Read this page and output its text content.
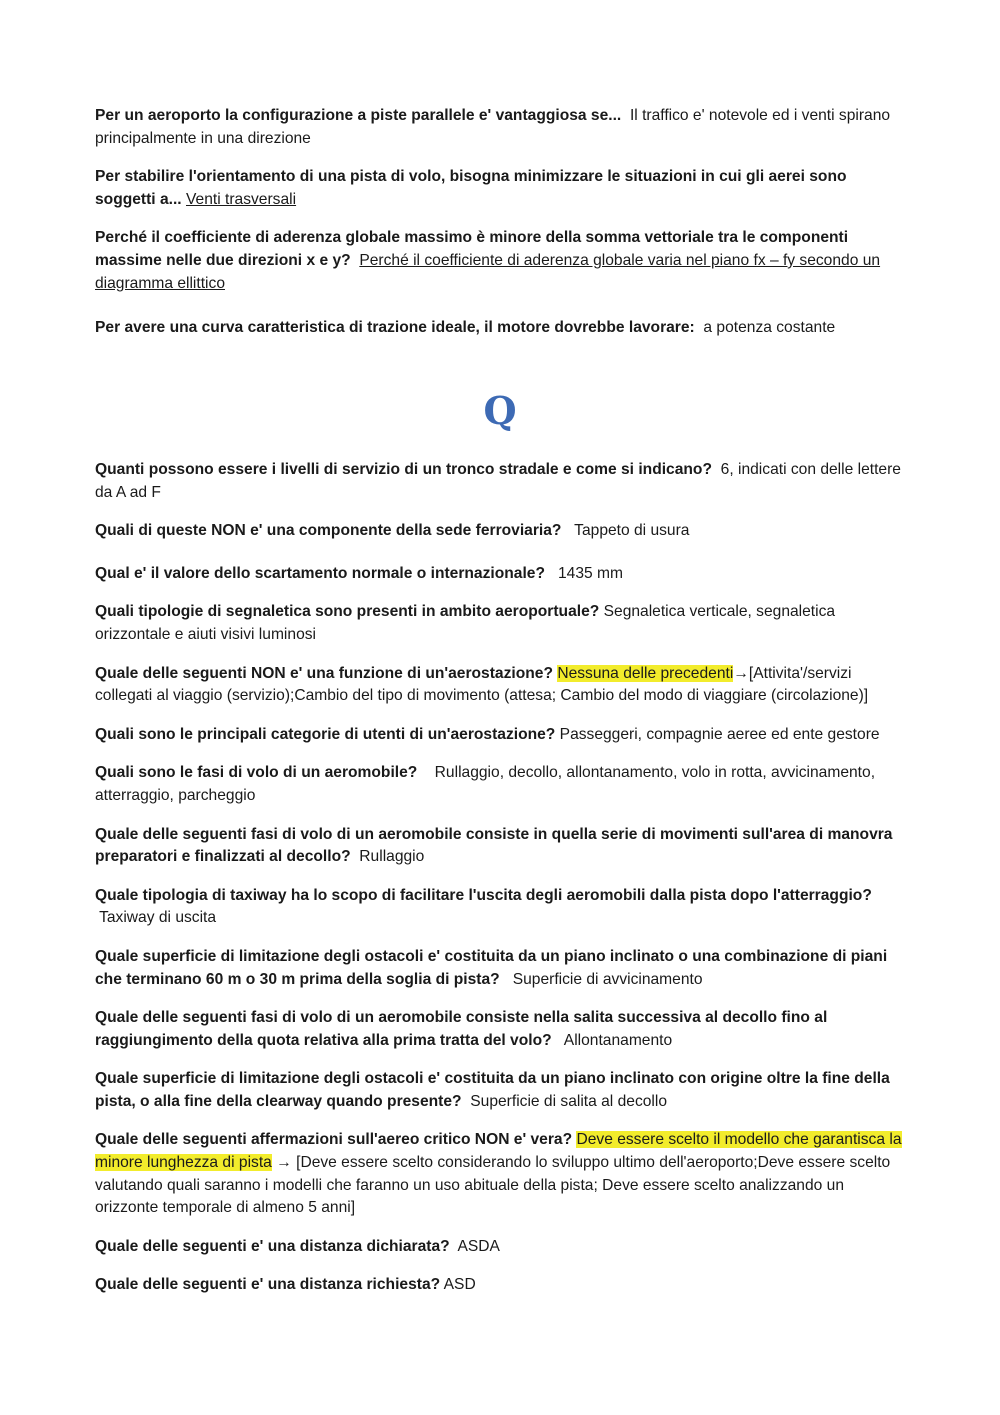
Per un aeroporto la configurazione a piste parallele e' vantaggiosa se... Il traffico e' notevole ed i venti spirano principalmente in una direzione

Per stabilire l'orientamento di una pista di volo, bisogna minimizzare le situazioni in cui gli aerei sono soggetti a... Venti trasversali

Perché il coefficiente di aderenza globale massimo è minore della somma vettoriale tra le componenti massime nelle due direzioni x e y? Perché il coefficiente di aderenza globale varia nel piano fx – fy secondo un diagramma ellittico

Per avere una curva caratteristica di trazione ideale, il motore dovrebbe lavorare: a potenza costante

Q

Quanti possono essere i livelli di servizio di un tronco stradale e come si indicano? 6, indicati con delle lettere da A ad F

Quali di queste NON e' una componente della sede ferroviaria? Tappeto di usura

Qual e' il valore dello scartamento normale o internazionale? 1435 mm

Quali tipologie di segnaletica sono presenti in ambito aeroportuale? Segnaletica verticale, segnaletica orizzontale e aiuti visivi luminosi

Quale delle seguenti NON e' una funzione di un'aerostazione? Nessuna delle precedenti→[Attivita'/servizi collegati al viaggio (servizio);Cambio del tipo di movimento (attesa; Cambio del modo di viaggiare (circolazione)]

Quali sono le principali categorie di utenti di un'aerostazione? Passeggeri, compagnie aeree ed ente gestore

Quali sono le fasi di volo di un aeromobile? Rullaggio, decollo, allontanamento, volo in rotta, avvicinamento, atterraggio, parcheggio

Quale delle seguenti fasi di volo di un aeromobile consiste in quella serie di movimenti sull'area di manovra preparatori e finalizzati al decollo? Rullaggio

Quale tipologia di taxiway ha lo scopo di facilitare l'uscita degli aeromobili dalla pista dopo l'atterraggio? Taxiway di uscita

Quale superficie di limitazione degli ostacoli e' costituita da un piano inclinato o una combinazione di piani che terminano 60 m o 30 m prima della soglia di pista? Superficie di avvicinamento

Quale delle seguenti fasi di volo di un aeromobile consiste nella salita successiva al decollo fino al raggiungimento della quota relativa alla prima tratta del volo? Allontanamento

Quale superficie di limitazione degli ostacoli e' costituita da un piano inclinato con origine oltre la fine della pista, o alla fine della clearway quando presente? Superficie di salita al decollo

Quale delle seguenti affermazioni sull'aereo critico NON e' vera? Deve essere scelto il modello che garantisca la minore lunghezza di pista → [Deve essere scelto considerando lo sviluppo ultimo dell'aeroporto;Deve essere scelto valutando quali saranno i modelli che faranno un uso abituale della pista; Deve essere scelto analizzando un orizzonte temporale di almeno 5 anni]

Quale delle seguenti e' una distanza dichiarata? ASDA

Quale delle seguenti e' una distanza richiesta? ASD
